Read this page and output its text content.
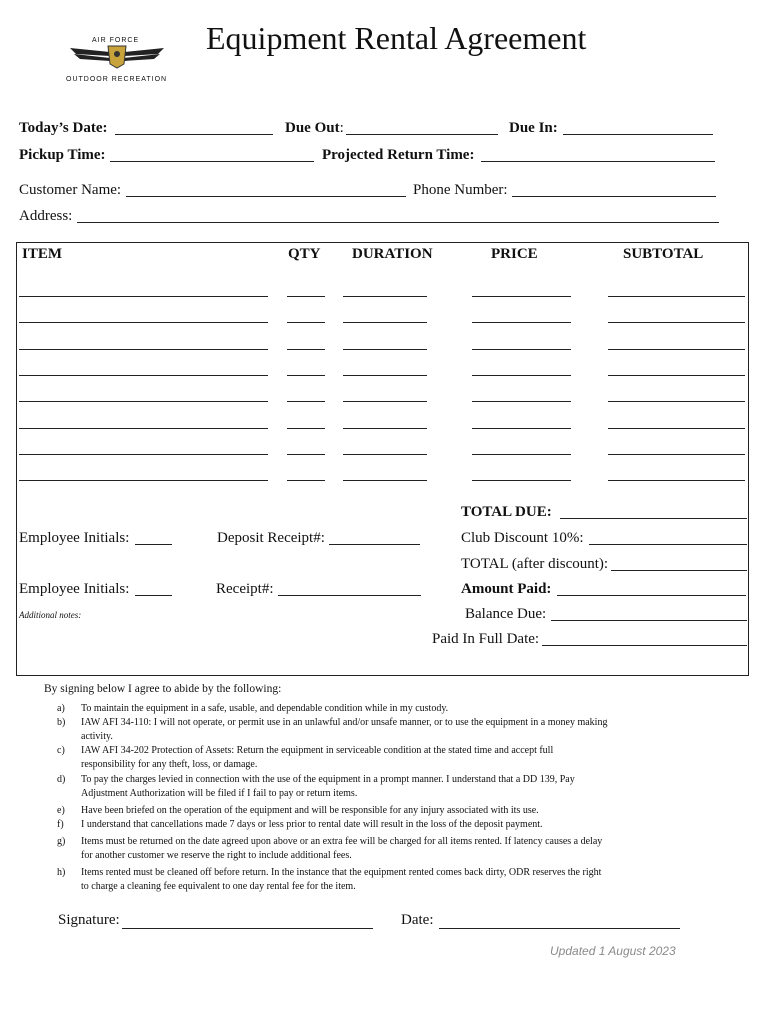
AIR FORCE
OUTDOOR RECREATION
Equipment Rental Agreement
Today’s Date:	Due Out:	Due In:
Pickup Time:	Projected Return Time:
Customer Name:	Phone Number:
Address:
ITEM	QTY DURATION	PRICE	SUBTOTAL
TOTAL DUE:
Employee Initials:	Deposit Receipt#:	Club Discount 10%:
TOTAL (after discount):
Employee Initials:	Receipt#:	Amount Paid:
Additional notes:	Balance Due:
Paid In Full Date:
By signing below I agree to abide by the following:
a) To maintain the equipment in a safe, usable, and dependable condition while in my custody.
b) IAW AFI 34-110: I will not operate, or permit use in an unlawful and/or unsafe manner, or to use the equipment in a money making
activity.
c) IAW AFI 34-202 Protection of Assets: Return the equipment in serviceable condition at the stated time and accept full
responsibility for any theft, loss, or damage.
d) To pay the charges levied in connection with the use of the equipment in a prompt manner. I understand that a DD 139, Pay
Adjustment Authorization will be filed if I fail to pay or return items.
e) Have been briefed on the operation of the equipment and will be responsible for any injury associated with its use.
f) I understand that cancellations made 7 days or less prior to rental date will result in the loss of the deposit payment.
g) Items must be returned on the date agreed upon above or an extra fee will be charged for all items rented. If latency causes a delay
for another customer we reserve the right to include additional fees.
h) Items rented must be cleaned off before return. In the instance that the equipment rented comes back dirty, ODR reserves the right
to charge a cleaning fee equivalent to one day rental fee for the item.
Signature:	Date:
Updated 1 August 2023
